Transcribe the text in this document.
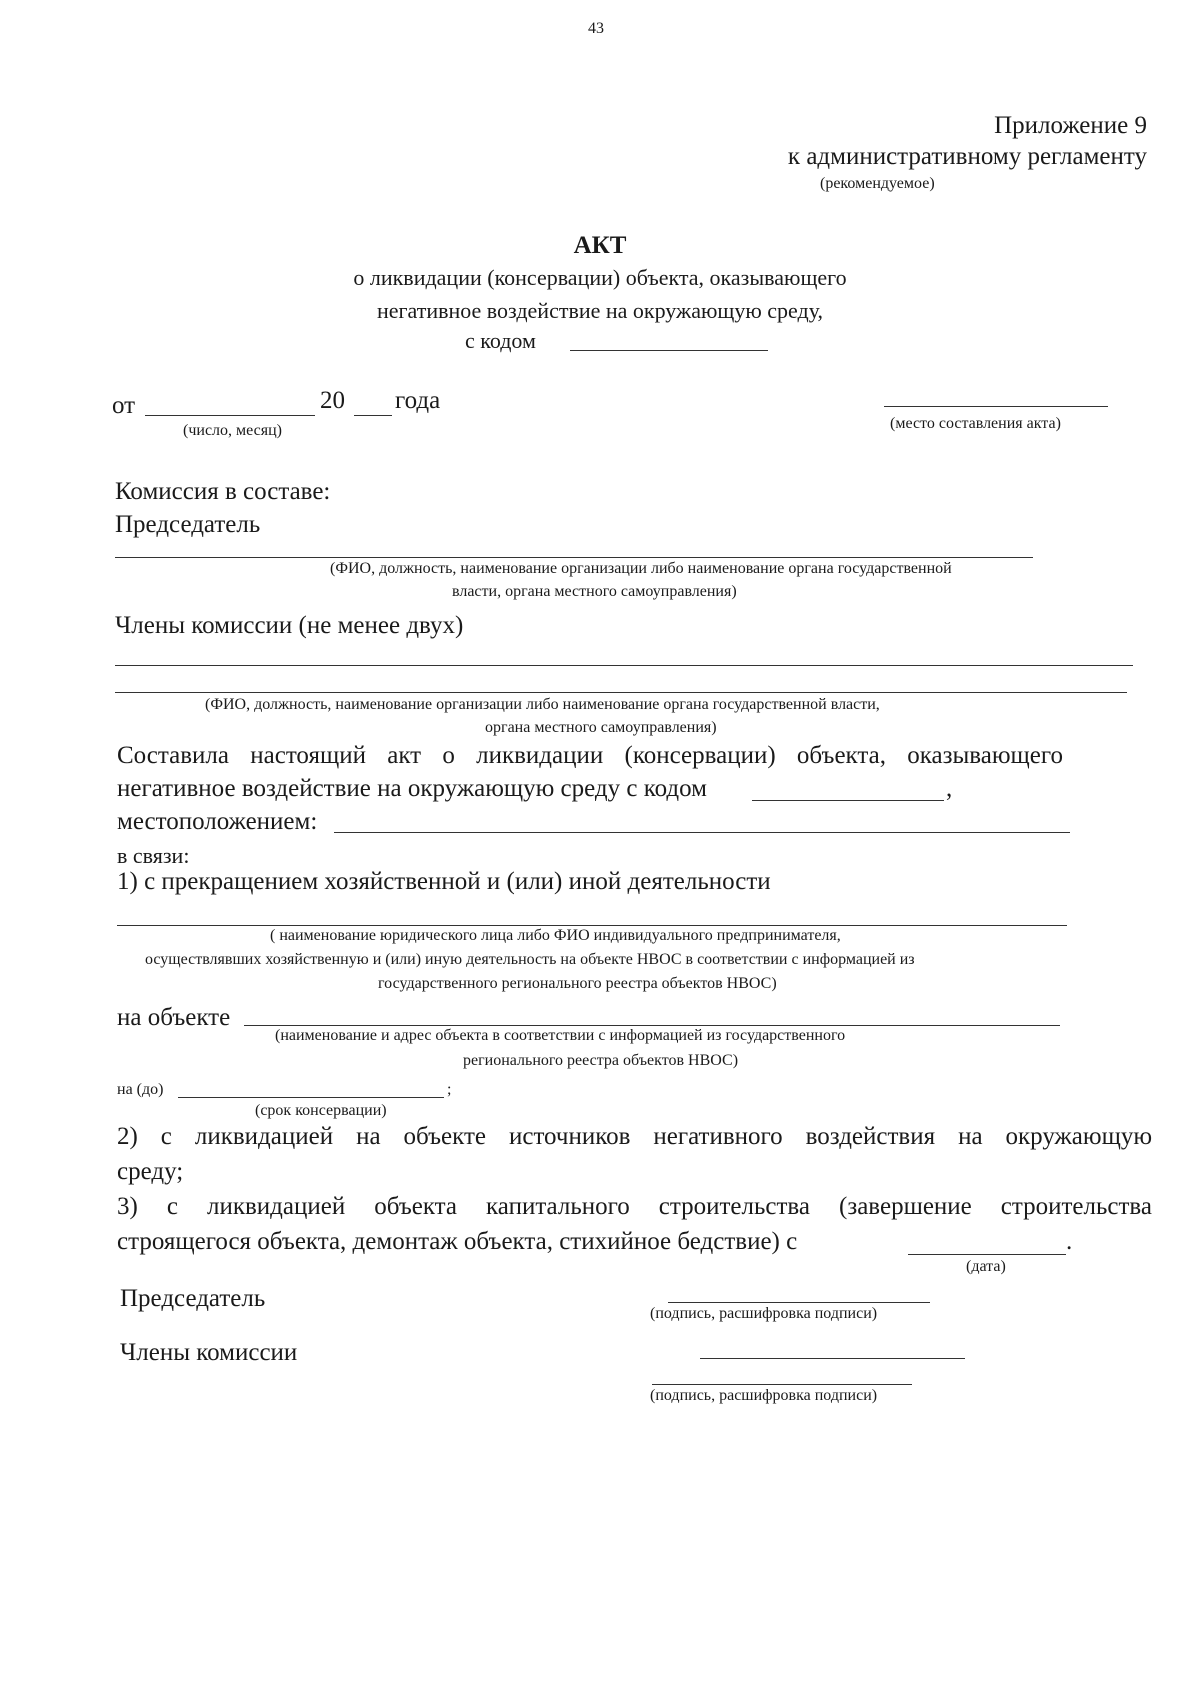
43
Приложение 9
к административному регламенту
(рекомендуемое)
АКТ
о ликвидации (консервации) объекта, оказывающего
негативное воздействие на окружающую среду,
с кодом
от	20 года
(число, месяц)	(место составления акта)
Комиссия в составе:
Председатель
(ФИО, должность, наименование организации либо наименование органа государственной
власти, органа местного самоуправления)
Члены комиссии (не менее двух)
(ФИО, должность, наименование организации либо наименование органа государственной власти,
органа местного самоуправления)
Составила настоящий акт о ликвидации (консервации) объекта, оказывающего
негативное воздействие на окружающую среду с кодом	,
местоположением:
в связи:
1) с прекращением хозяйственной и (или) иной деятельности
( наименование юридического лица либо ФИО индивидуального предпринимателя,
осуществлявших хозяйственную и (или) иную деятельность на объекте НВОС в соответствии с информацией из
государственного регионального реестра объектов НВОС)
на объекте
(наименование и адрес объекта в соответствии с информацией из государственного
регионального реестра объектов НВОС)
на (до)	;
(срок консервации)
2) с ликвидацией на объекте источников негативного воздействия на окружающую
среду;
3) с ликвидацией объекта капитального строительства (завершение строительства
строящегося объекта, демонтаж объекта, стихийное бедствие) с	.
(дата)
Председатель
(подпись, расшифровка подписи)
Члены комиссии
(подпись, расшифровка подписи)
